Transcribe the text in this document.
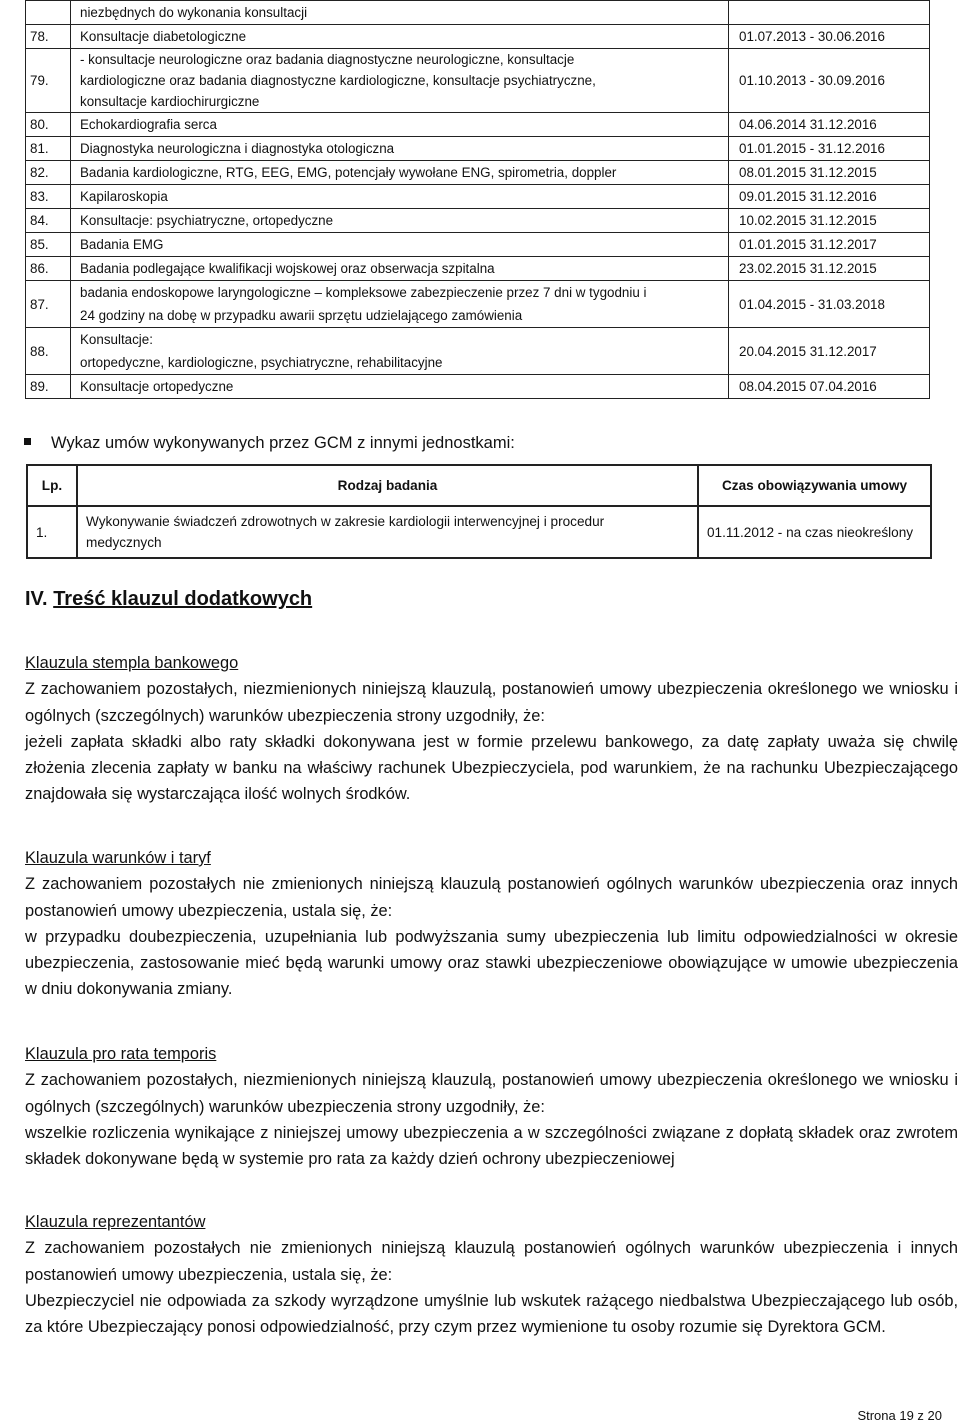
	niezbędnych do wykonania konsultacji	
78.	Konsultacje diabetologiczne	01.07.2013 - 30.06.2016
79.	- konsultacje neurologiczne oraz badania diagnostyczne neurologiczne, konsultacje
kardiologiczne oraz badania diagnostyczne kardiologiczne, konsultacje psychiatryczne,
konsultacje kardiochirurgiczne	01.10.2013 - 30.09.2016
80.	Echokardiografia serca	04.06.2014 31.12.2016
81.	Diagnostyka neurologiczna i diagnostyka otologiczna	01.01.2015 - 31.12.2016
82.	Badania kardiologiczne, RTG, EEG, EMG, potencjały wywołane ENG, spirometria, doppler	08.01.2015 31.12.2015
83.	Kapilaroskopia	09.01.2015 31.12.2016
84.	Konsultacje: psychiatryczne, ortopedyczne	10.02.2015 31.12.2015
85.	Badania EMG	01.01.2015 31.12.2017
86.	Badania podlegające kwalifikacji wojskowej oraz obserwacja szpitalna	23.02.2015 31.12.2015
87.	badania endoskopowe laryngologiczne – kompleksowe zabezpieczenie przez 7 dni w tygodniu i
24 godziny na dobę w przypadku awarii sprzętu udzielającego zamówienia	01.04.2015 - 31.03.2018
88.	Konsultacje:
ortopedyczne, kardiologiczne, psychiatryczne, rehabilitacyjne	20.04.2015 31.12.2017
89.	Konsultacje ortopedyczne	08.04.2015 07.04.2016
Wykaz umów wykonywanych przez GCM z innymi jednostkami:
Lp.	Rodzaj badania	Czas obowiązywania umowy
1.	Wykonywanie świadczeń zdrowotnych w zakresie kardiologii interwencyjnej i procedur
medycznych	01.11.2012 - na czas nieokreślony
IV. Treść klauzul dodatkowych

Klauzula stempla bankowego

Z zachowaniem pozostałych, niezmienionych niniejszą klauzulą, postanowień umowy ubezpieczenia określonego we wniosku i ogólnych (szczególnych) warunków ubezpieczenia strony uzgodniły, że:

jeżeli zapłata składki albo raty składki dokonywana jest w formie przelewu bankowego, za datę zapłaty uważa się chwilę złożenia zlecenia zapłaty w banku na właściwy rachunek Ubezpieczyciela, pod warunkiem, że na rachunku Ubezpieczającego znajdowała się wystarczająca ilość wolnych środków.

Klauzula warunków i taryf

Z zachowaniem pozostałych nie zmienionych niniejszą klauzulą postanowień ogólnych warunków ubezpieczenia oraz innych postanowień umowy ubezpieczenia, ustala się, że:

w przypadku doubezpieczenia, uzupełniania lub podwyższania sumy ubezpieczenia lub limitu odpowiedzialności w okresie ubezpieczenia, zastosowanie mieć będą warunki umowy oraz stawki ubezpieczeniowe obowiązujące w umowie ubezpieczenia w dniu dokonywania zmiany.

Klauzula pro rata temporis

Z zachowaniem pozostałych, niezmienionych niniejszą klauzulą, postanowień umowy ubezpieczenia określonego we wniosku i ogólnych (szczególnych) warunków ubezpieczenia strony uzgodniły, że:

wszelkie rozliczenia wynikające z niniejszej umowy ubezpieczenia a w szczególności związane z dopłatą składek oraz zwrotem składek dokonywane będą w systemie pro rata za każdy dzień ochrony ubezpieczeniowej

Klauzula reprezentantów

Z zachowaniem pozostałych nie zmienionych niniejszą klauzulą postanowień ogólnych warunków ubezpieczenia i innych postanowień umowy ubezpieczenia, ustala się, że:

Ubezpieczyciel nie odpowiada za szkody wyrządzone umyślnie lub wskutek rażącego niedbalstwa Ubezpieczającego lub osób, za które Ubezpieczający ponosi odpowiedzialność, przy czym przez wymienione tu osoby rozumie się Dyrektora GCM.

Strona 19 z 20
